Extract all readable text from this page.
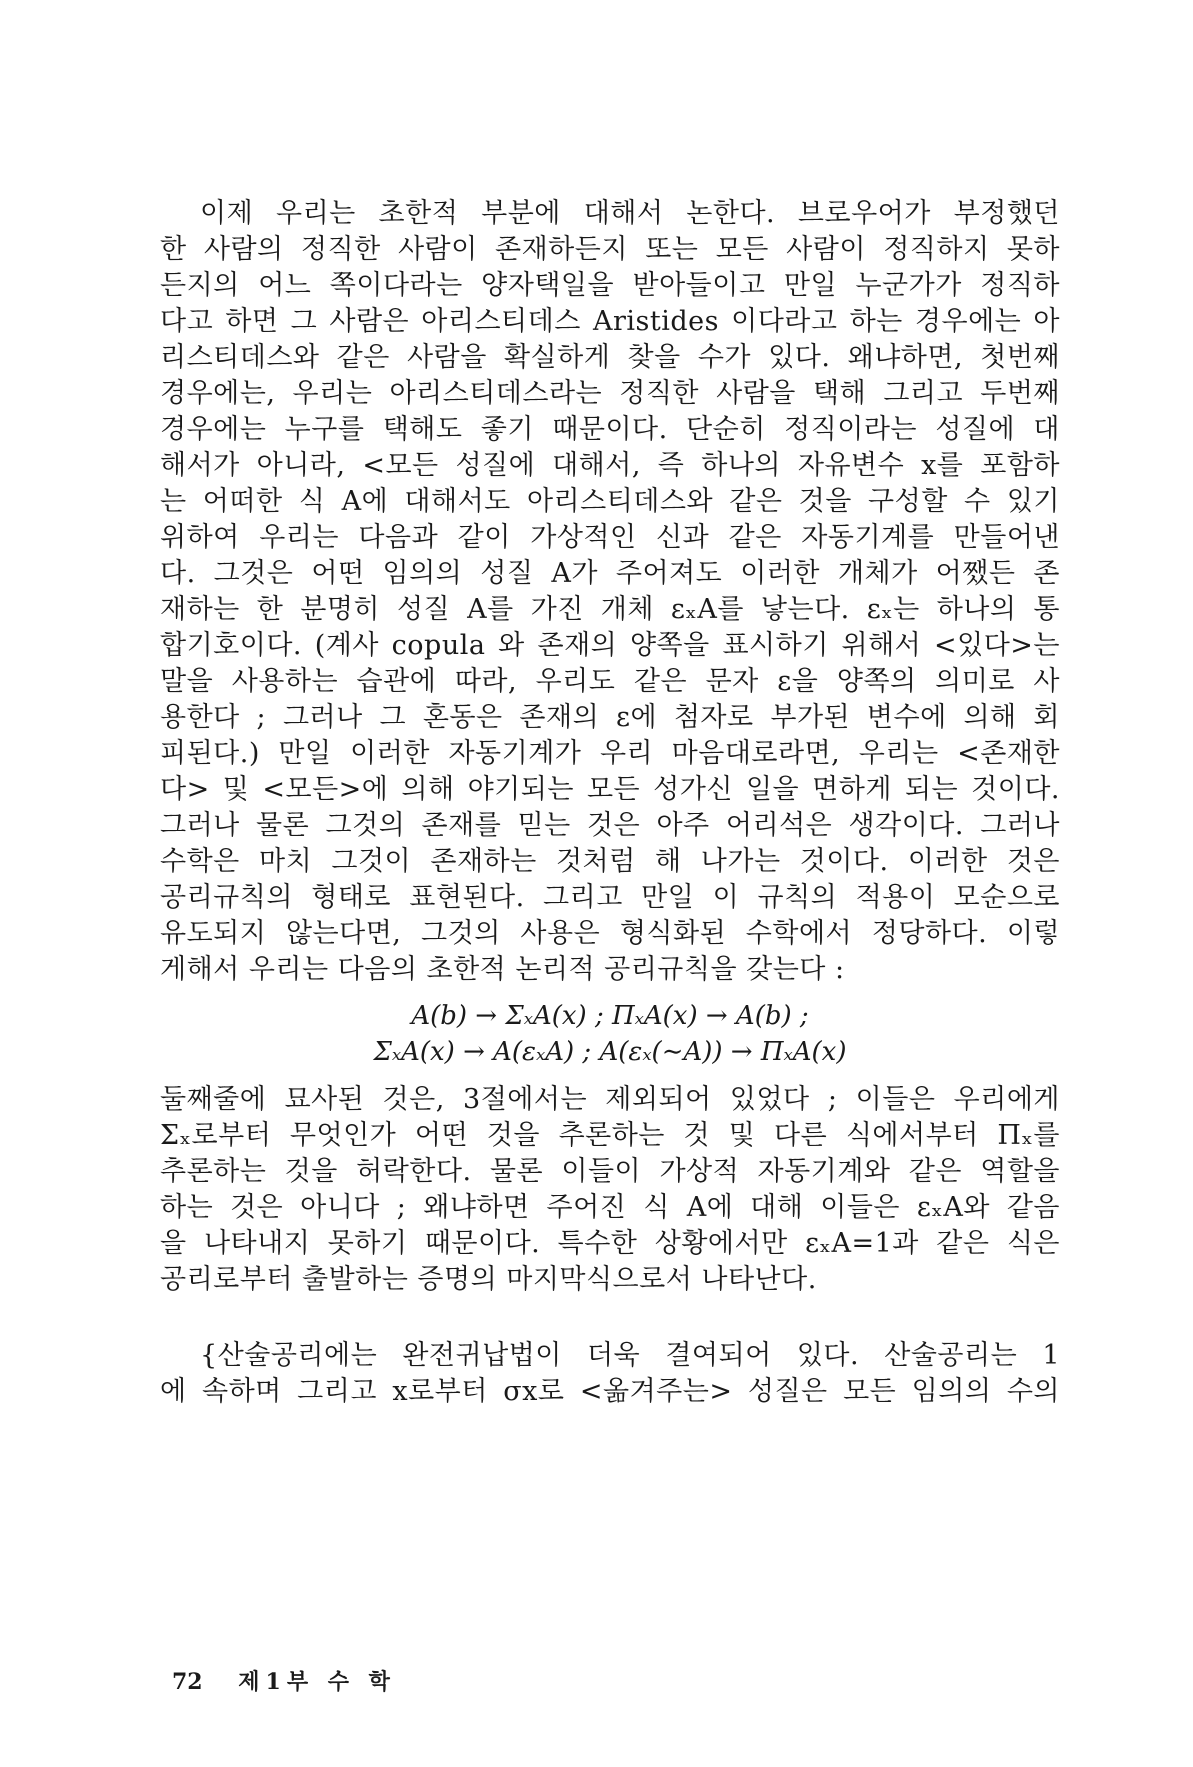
이제 우리는 초한적 부분에 대해서 논한다. 브로우어가 부정했던
한 사람의 정직한 사람이 존재하든지 또는 모든 사람이 정직하지 못하
든지의 어느 쪽이다라는 양자택일을 받아들이고 만일 누군가가 정직하
다고 하면 그 사람은 아리스티데스 Aristides 이다라고 하는 경우에는 아
리스티데스와 같은 사람을 확실하게 찾을 수가 있다. 왜냐하면, 첫번째
경우에는, 우리는 아리스티데스라는 정직한 사람을 택해 그리고 두번째
경우에는 누구를 택해도 좋기 때문이다. 단순히 정직이라는 성질에 대
해서가 아니라, <모든 성질에 대해서, 즉 하나의 자유변수 x를 포함하
는 어떠한 식 A에 대해서도 아리스티데스와 같은 것을 구성할 수 있기
위하여 우리는 다음과 같이 가상적인 신과 같은 자동기계를 만들어낸
다. 그것은 어떤 임의의 성질 A가 주어져도 이러한 개체가 어쨌든 존
재하는 한 분명히 성질 A를 가진 개체 εₓA를 낳는다. εₓ는 하나의 통
합기호이다. (계사 copula 와 존재의 양쪽을 표시하기 위해서 <있다>는
말을 사용하는 습관에 따라, 우리도 같은 문자 ε을 양쪽의 의미로 사
용한다 ; 그러나 그 혼동은 존재의 ε에 첨자로 부가된 변수에 의해 회
피된다.) 만일 이러한 자동기계가 우리 마음대로라면, 우리는 <존재한
다> 및 <모든>에 의해 야기되는 모든 성가신 일을 면하게 되는 것이다.
그러나 물론 그것의 존재를 믿는 것은 아주 어리석은 생각이다. 그러나
수학은 마치 그것이 존재하는 것처럼 해 나가는 것이다. 이러한 것은
공리규칙의 형태로 표현된다. 그리고 만일 이 규칙의 적용이 모순으로
유도되지 않는다면, 그것의 사용은 형식화된 수학에서 정당하다. 이렇
게해서 우리는 다음의 초한적 논리적 공리규칙을 갖는다 :
A(b) → ΣₓA(x) ; ΠₓA(x) → A(b) ;
ΣₓA(x) → A(εₓA) ; A(εₓ(∼A)) → ΠₓA(x)
둘째줄에 묘사된 것은, 3절에서는 제외되어 있었다 ; 이들은 우리에게
Σₓ로부터 무엇인가 어떤 것을 추론하는 것 및 다른 식에서부터 Πₓ를
추론하는 것을 허락한다. 물론 이들이 가상적 자동기계와 같은 역할을
하는 것은 아니다 ; 왜냐하면 주어진 식 A에 대해 이들은 εₓA와 같음
을 나타내지 못하기 때문이다. 특수한 상황에서만 εₓA=1과 같은 식은
공리로부터 출발하는 증명의 마지막식으로서 나타난다.
{산술공리에는 완전귀납법이 더욱 결여되어 있다. 산술공리는 1
에 속하며 그리고 x로부터 σx로 <옮겨주는> 성질은 모든 임의의 수의
72 제1부 수 학
